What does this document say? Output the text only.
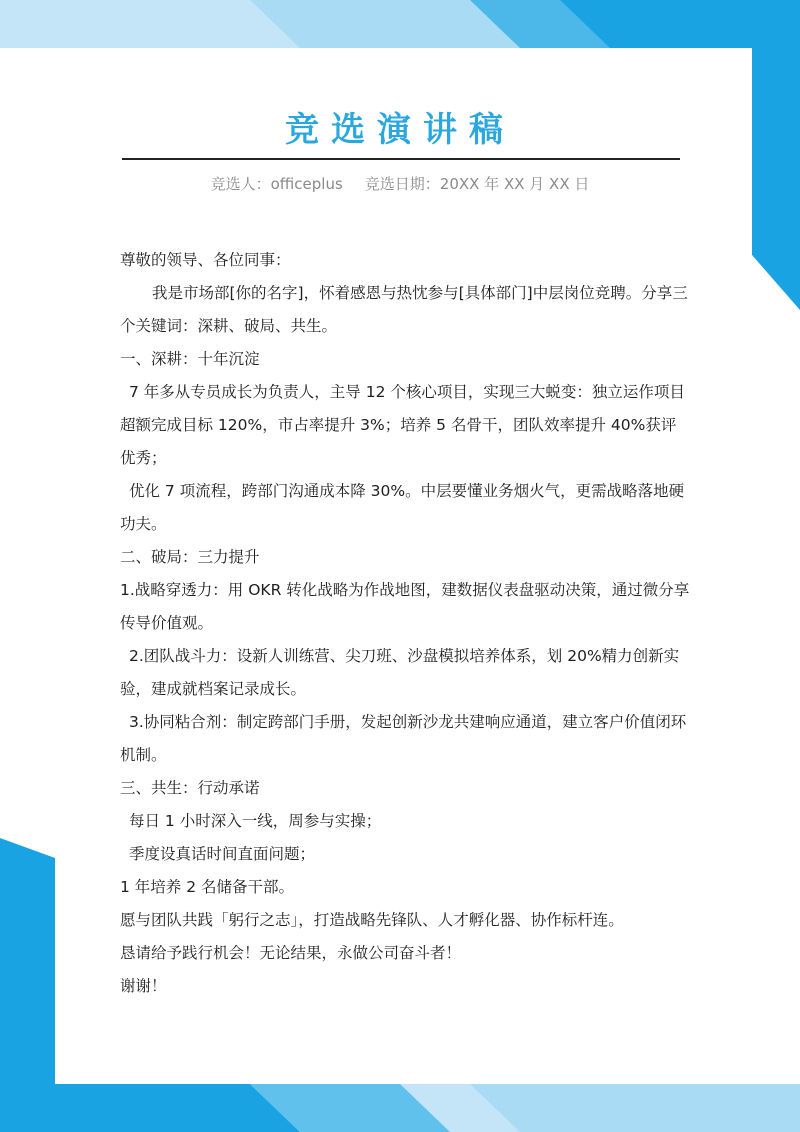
竞选演讲稿
竞选人：officeplus 竞选日期：20XX 年 XX 月 XX 日

尊敬的领导、各位同事：

我是市场部[你的名字]，怀着感恩与热忱参与[具体部门]中层岗位竞聘。分享三个关键词：深耕、破局、共生。

一、深耕：十年沉淀

7 年多从专员成长为负责人，主导 12 个核心项目，实现三大蜕变：独立运作项目超额完成目标 120%，市占率提升 3%；培养 5 名骨干，团队效率提升 40%获评优秀；

优化 7 项流程，跨部门沟通成本降 30%。中层要懂业务烟火气，更需战略落地硬功夫。

二、破局：三力提升

1.战略穿透力：用 OKR 转化战略为作战地图，建数据仪表盘驱动决策，通过微分享传导价值观。

2.团队战斗力：设新人训练营、尖刀班、沙盘模拟培养体系，划 20%精力创新实验，建成就档案记录成长。

3.协同粘合剂：制定跨部门手册，发起创新沙龙共建响应通道，建立客户价值闭环机制。

三、共生：行动承诺

每日 1 小时深入一线，周参与实操；

季度设真话时间直面问题；

1 年培养 2 名储备干部。

愿与团队共践「躬行之志」，打造战略先锋队、人才孵化器、协作标杆连。

恳请给予践行机会！无论结果，永做公司奋斗者！

谢谢！
